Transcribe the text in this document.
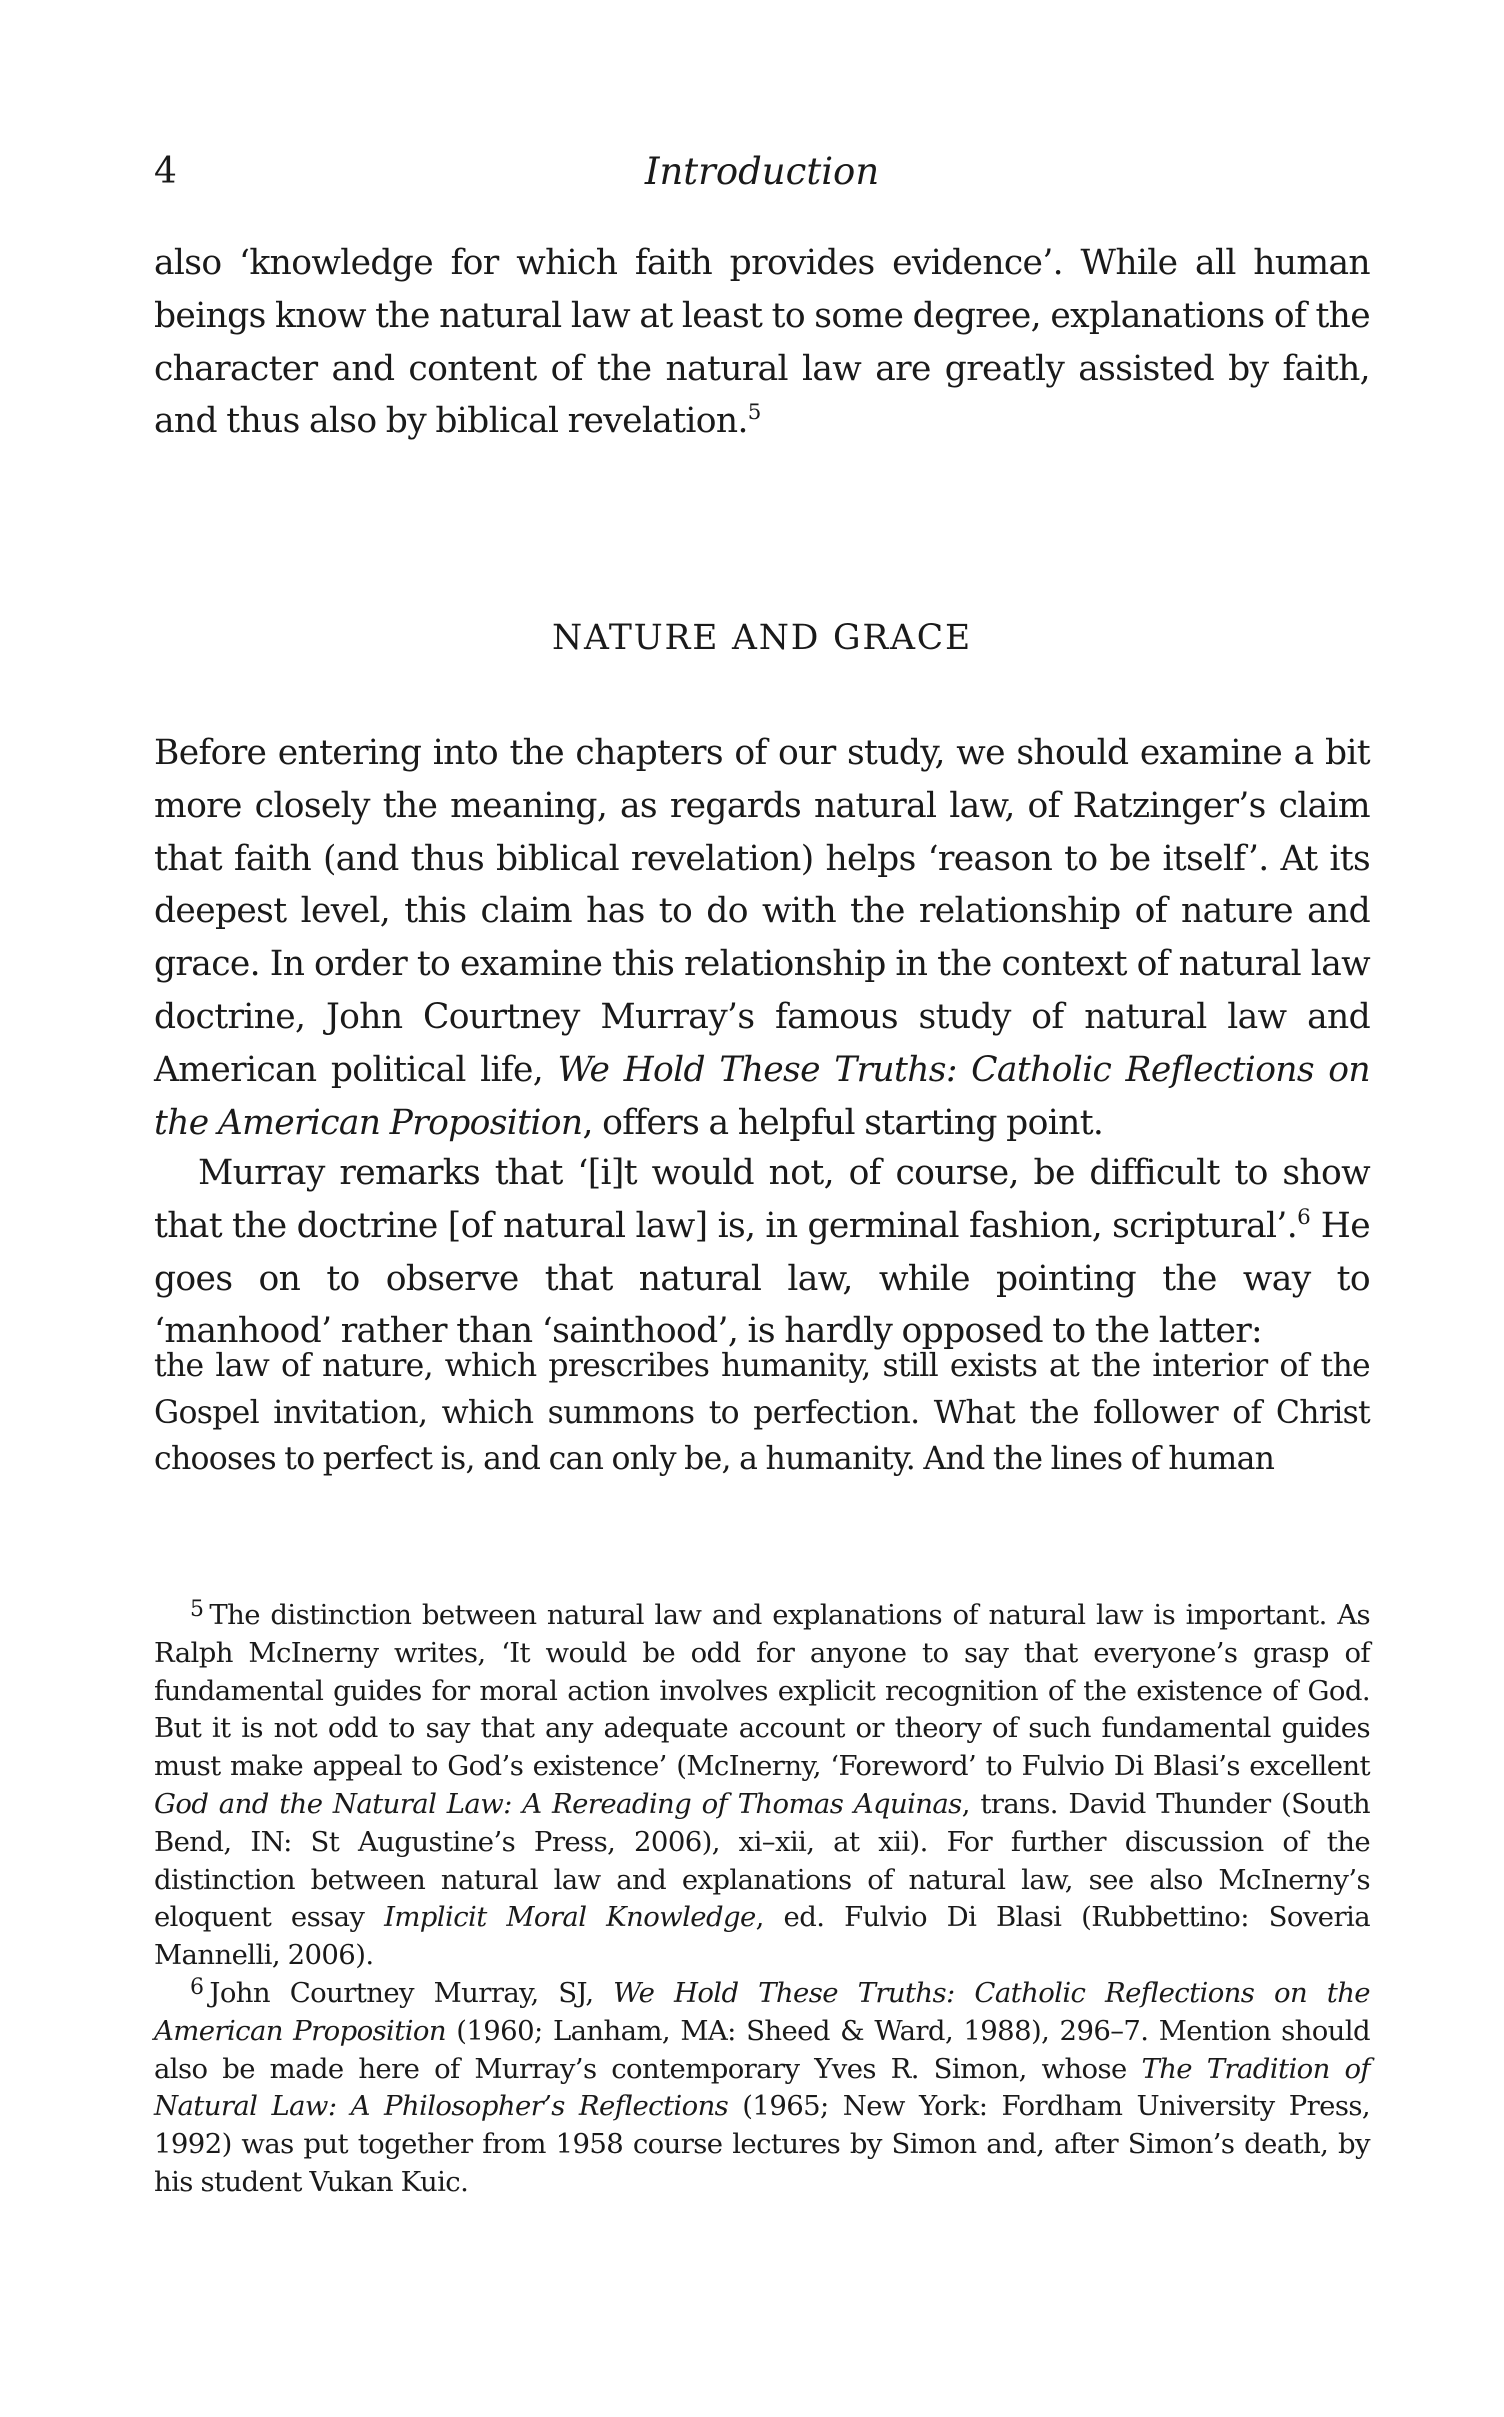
4	Introduction

also ‘knowledge for which faith provides evidence’. While all human beings know the natural law at least to some degree, explanations of the character and content of the natural law are greatly assisted by faith, and thus also by biblical revelation.$^5$

NATURE AND GRACE

Before entering into the chapters of our study, we should examine a bit more closely the meaning, as regards natural law, of Ratzinger’s claim that faith (and thus biblical revelation) helps ‘reason to be itself’. At its deepest level, this claim has to do with the relationship of nature and grace. In order to examine this relationship in the context of natural law doctrine, John Courtney Murray’s famous study of natural law and American political life, We Hold These Truths: Catholic Reflections on the American Proposition, offers a helpful starting point.

Murray remarks that ‘[i]t would not, of course, be difficult to show that the doctrine [of natural law] is, in germinal fashion, scriptural’.$^6$ He goes on to observe that natural law, while pointing the way to ‘manhood’ rather than ‘sainthood’, is hardly opposed to the latter:

the law of nature, which prescribes humanity, still exists at the interior of the Gospel invitation, which summons to perfection. What the follower of Christ chooses to perfect is, and can only be, a humanity. And the lines of human

$^5$ The distinction between natural law and explanations of natural law is important. As Ralph McInerny writes, ‘It would be odd for anyone to say that everyone’s grasp of fundamental guides for moral action involves explicit recognition of the existence of God. But it is not odd to say that any adequate account or theory of such fundamental guides must make appeal to God’s existence’ (McInerny, ‘Foreword’ to Fulvio Di Blasi’s excellent God and the Natural Law: A Rereading of Thomas Aquinas, trans. David Thunder (South Bend, IN: St Augustine’s Press, 2006), xi–xii, at xii). For further discussion of the distinction between natural law and explanations of natural law, see also McInerny’s eloquent essay Implicit Moral Knowledge, ed. Fulvio Di Blasi (Rubbettino: Soveria Mannelli, 2006).

$^6$ John Courtney Murray, SJ, We Hold These Truths: Catholic Reflections on the American Proposition (1960; Lanham, MA: Sheed & Ward, 1988), 296–7. Mention should also be made here of Murray’s contemporary Yves R. Simon, whose The Tradition of Natural Law: A Philosopher’s Reflections (1965; New York: Fordham University Press, 1992) was put together from 1958 course lectures by Simon and, after Simon’s death, by his student Vukan Kuic.
